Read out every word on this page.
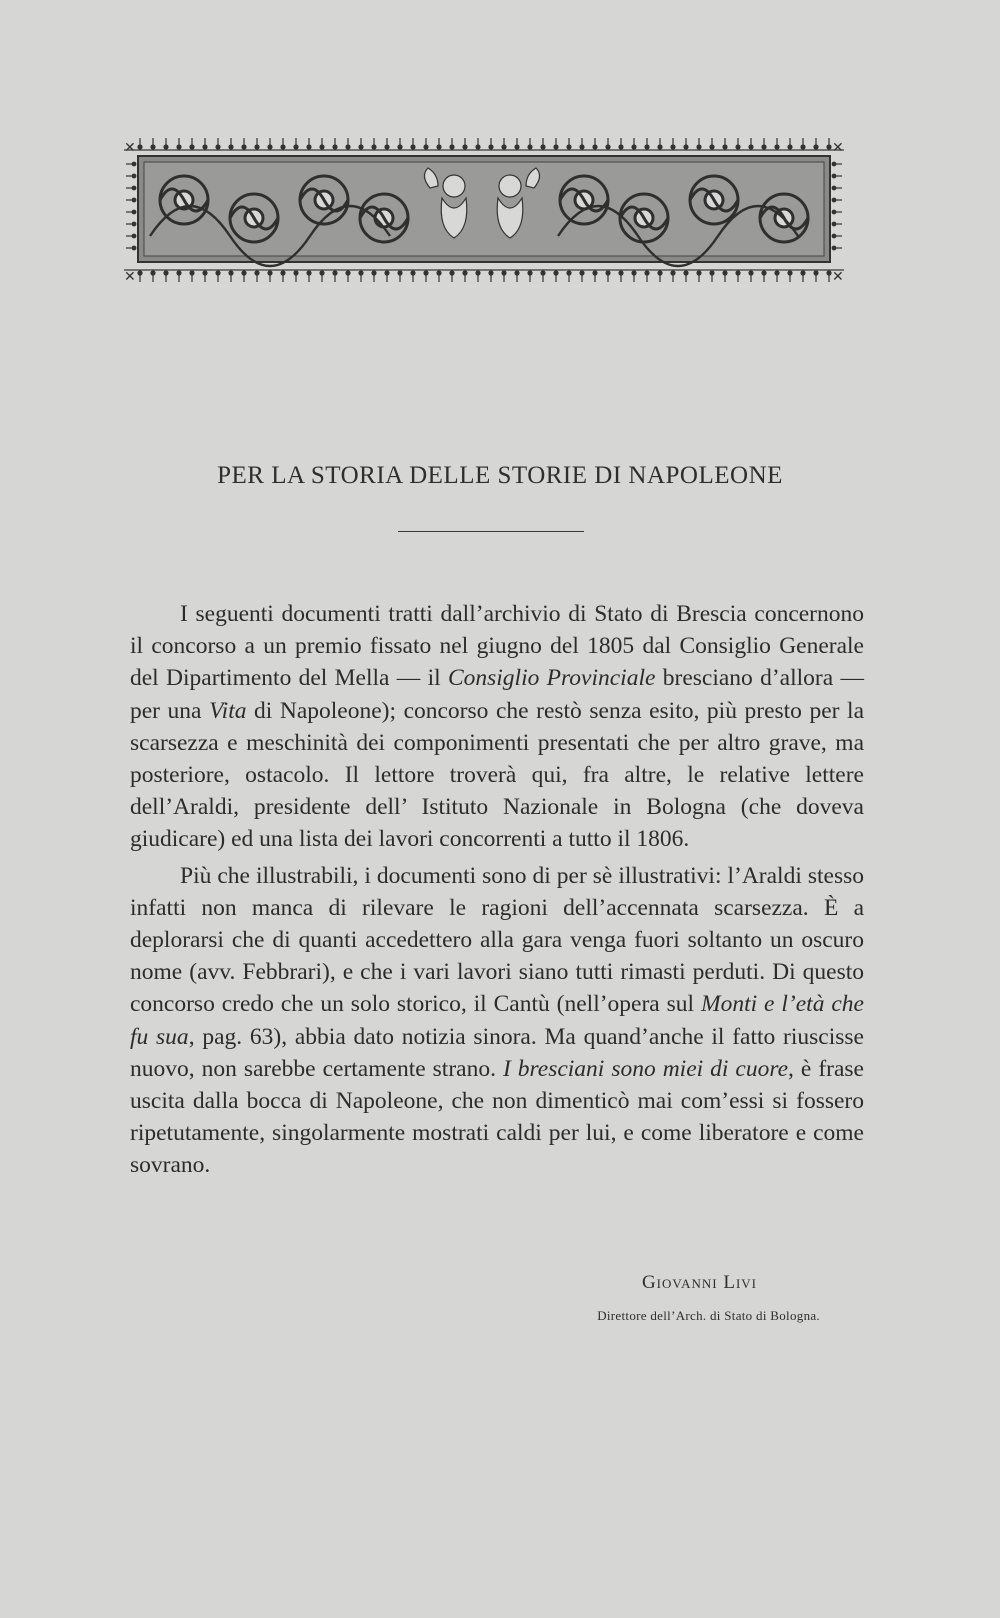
✕	✕
✕	✕
PER LA STORIA DELLE STORIE DI NAPOLEONE

I seguenti documenti tratti dall’archivio di Stato di Brescia concernono il concorso a un premio fissato nel giugno del 1805 dal Consiglio Generale del Dipartimento del Mella — il Consiglio Provinciale bresciano d’allora — per una Vita di Napoleone); concorso che restò senza esito, più presto per la scarsezza e meschinità dei componimenti presentati che per altro grave, ma posteriore, ostacolo. Il lettore troverà qui, fra altre, le relative lettere dell’Araldi, presidente dell’ Istituto Nazionale in Bologna (che doveva giudicare) ed una lista dei lavori concorrenti a tutto il 1806.

Più che illustrabili, i documenti sono di per sè illustrativi: l’Araldi stesso infatti non manca di rilevare le ragioni dell’accennata scarsezza. È a deplorarsi che di quanti accedettero alla gara venga fuori soltanto un oscuro nome (avv. Febbrari), e che i vari lavori siano tutti rimasti perduti. Di questo concorso credo che un solo storico, il Cantù (nell’opera sul Monti e l’età che fu sua, pag. 63), abbia dato notizia sinora. Ma quand’anche il fatto riuscisse nuovo, non sarebbe certamente strano. I bresciani sono miei di cuore, è frase uscita dalla bocca di Napoleone, che non dimenticò mai com’essi si fossero ripetutamente, singolarmente mostrati caldi per lui, e come liberatore e come sovrano.

Giovanni Livi
Direttore dell’Arch. di Stato di Bologna.
